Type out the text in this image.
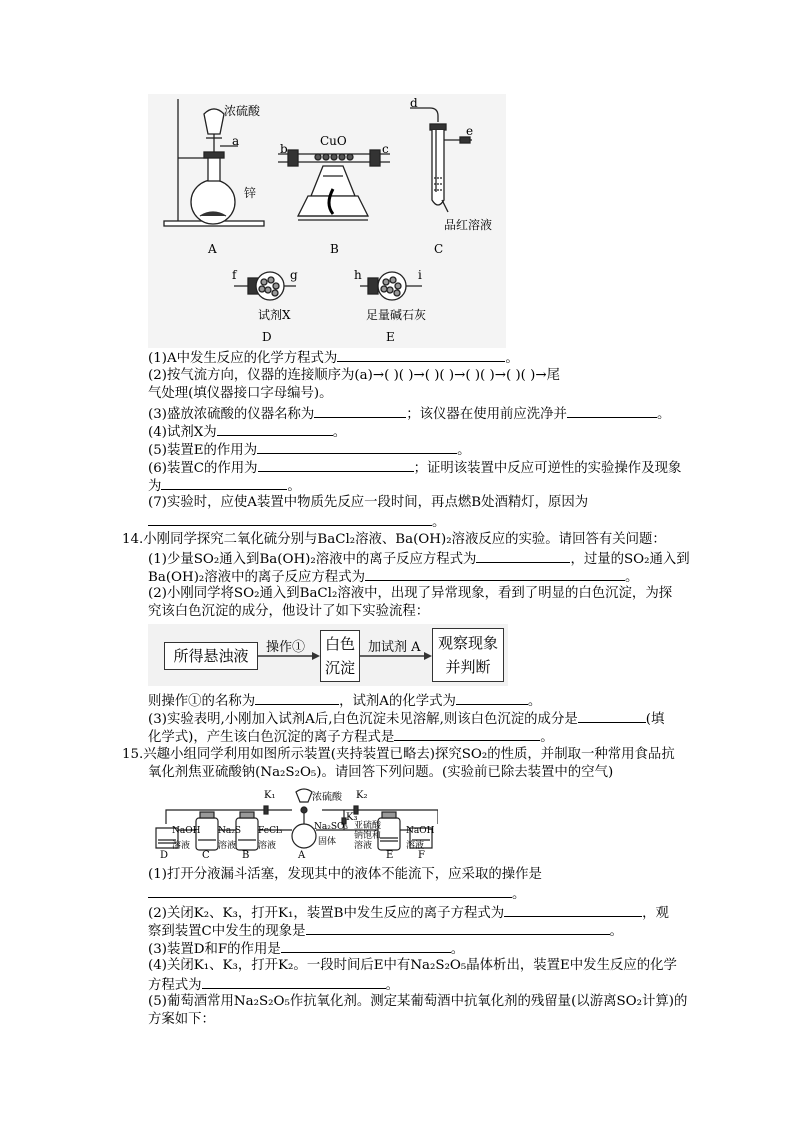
浓硫酸
a
锌
A
CuO
b	c
B
d
e
品红溶液
C
f	g
试剂X
D
h	i
足量碱石灰
E
(1)A中发生反应的化学方程式为	。
(2)按气流方向，仪器的连接顺序为(a)→( )( )→( )( )→( )( )→( )( )→尾
气处理(填仪器接口字母编号)。
(3)盛放浓硫酸的仪器名称为	；该仪器在使用前应洗净并	。
(4)试剂X为	。
(5)装置E的作用为	。
(6)装置C的作用为	；证明该装置中反应可逆性的实验操作及现象
为	。
(7)实验时，应使A装置中物质先反应一段时间，再点燃B处酒精灯，原因为
。
14.小刚同学探究二氧化硫分别与BaCl₂溶液、Ba(OH)₂溶液反应的实验。请回答有关问题：
(1)少量SO₂通入到Ba(OH)₂溶液中的离子反应方程式为	，过量的SO₂通入到
Ba(OH)₂溶液中的离子反应方程式为	。
(2)小刚同学将SO₂通入到BaCl₂溶液中，出现了异常现象，看到了明显的白色沉淀，为探
究该白色沉淀的成分，他设计了如下实验流程：
所得悬浊液	操作① 白色
沉淀
加试剂 A 观察现象
并判断
则操作①的名称为	，试剂A的化学式为	。
(3)实验表明,小刚加入试剂A后,白色沉淀未见溶解,则该白色沉淀的成分是	(填
化学式)，产生该白色沉淀的离子方程式是	。
15.兴趣小组同学利用如图所示装置(夹持装置已略去)探究SO₂的性质，并制取一种常用食品抗
氧化剂焦亚硫酸钠(Na₂S₂O₅)。请回答下列问题。(实验前已除去装置中的空气)
K₁	K₂
K₃
浓硫酸
NaOH
溶液
Na₂S
溶液
FeCl₃
溶液
Na₂SO₃
固体
亚硫酸
钠饱和
溶液
NaOH
溶液
D	C	B	A	E F
(1)打开分液漏斗活塞，发现其中的液体不能流下，应采取的操作是
。
(2)关闭K₂、K₃，打开K₁，装置B中发生反应的离子方程式为	，观
察到装置C中发生的现象是	。
(3)装置D和F的作用是	。
(4)关闭K₁、K₃，打开K₂。一段时间后E中有Na₂S₂O₅晶体析出，装置E中发生反应的化学
方程式为	。
(5)葡萄酒常用Na₂S₂O₅作抗氧化剂。测定某葡萄酒中抗氧化剂的残留量(以游离SO₂计算)的
方案如下：
